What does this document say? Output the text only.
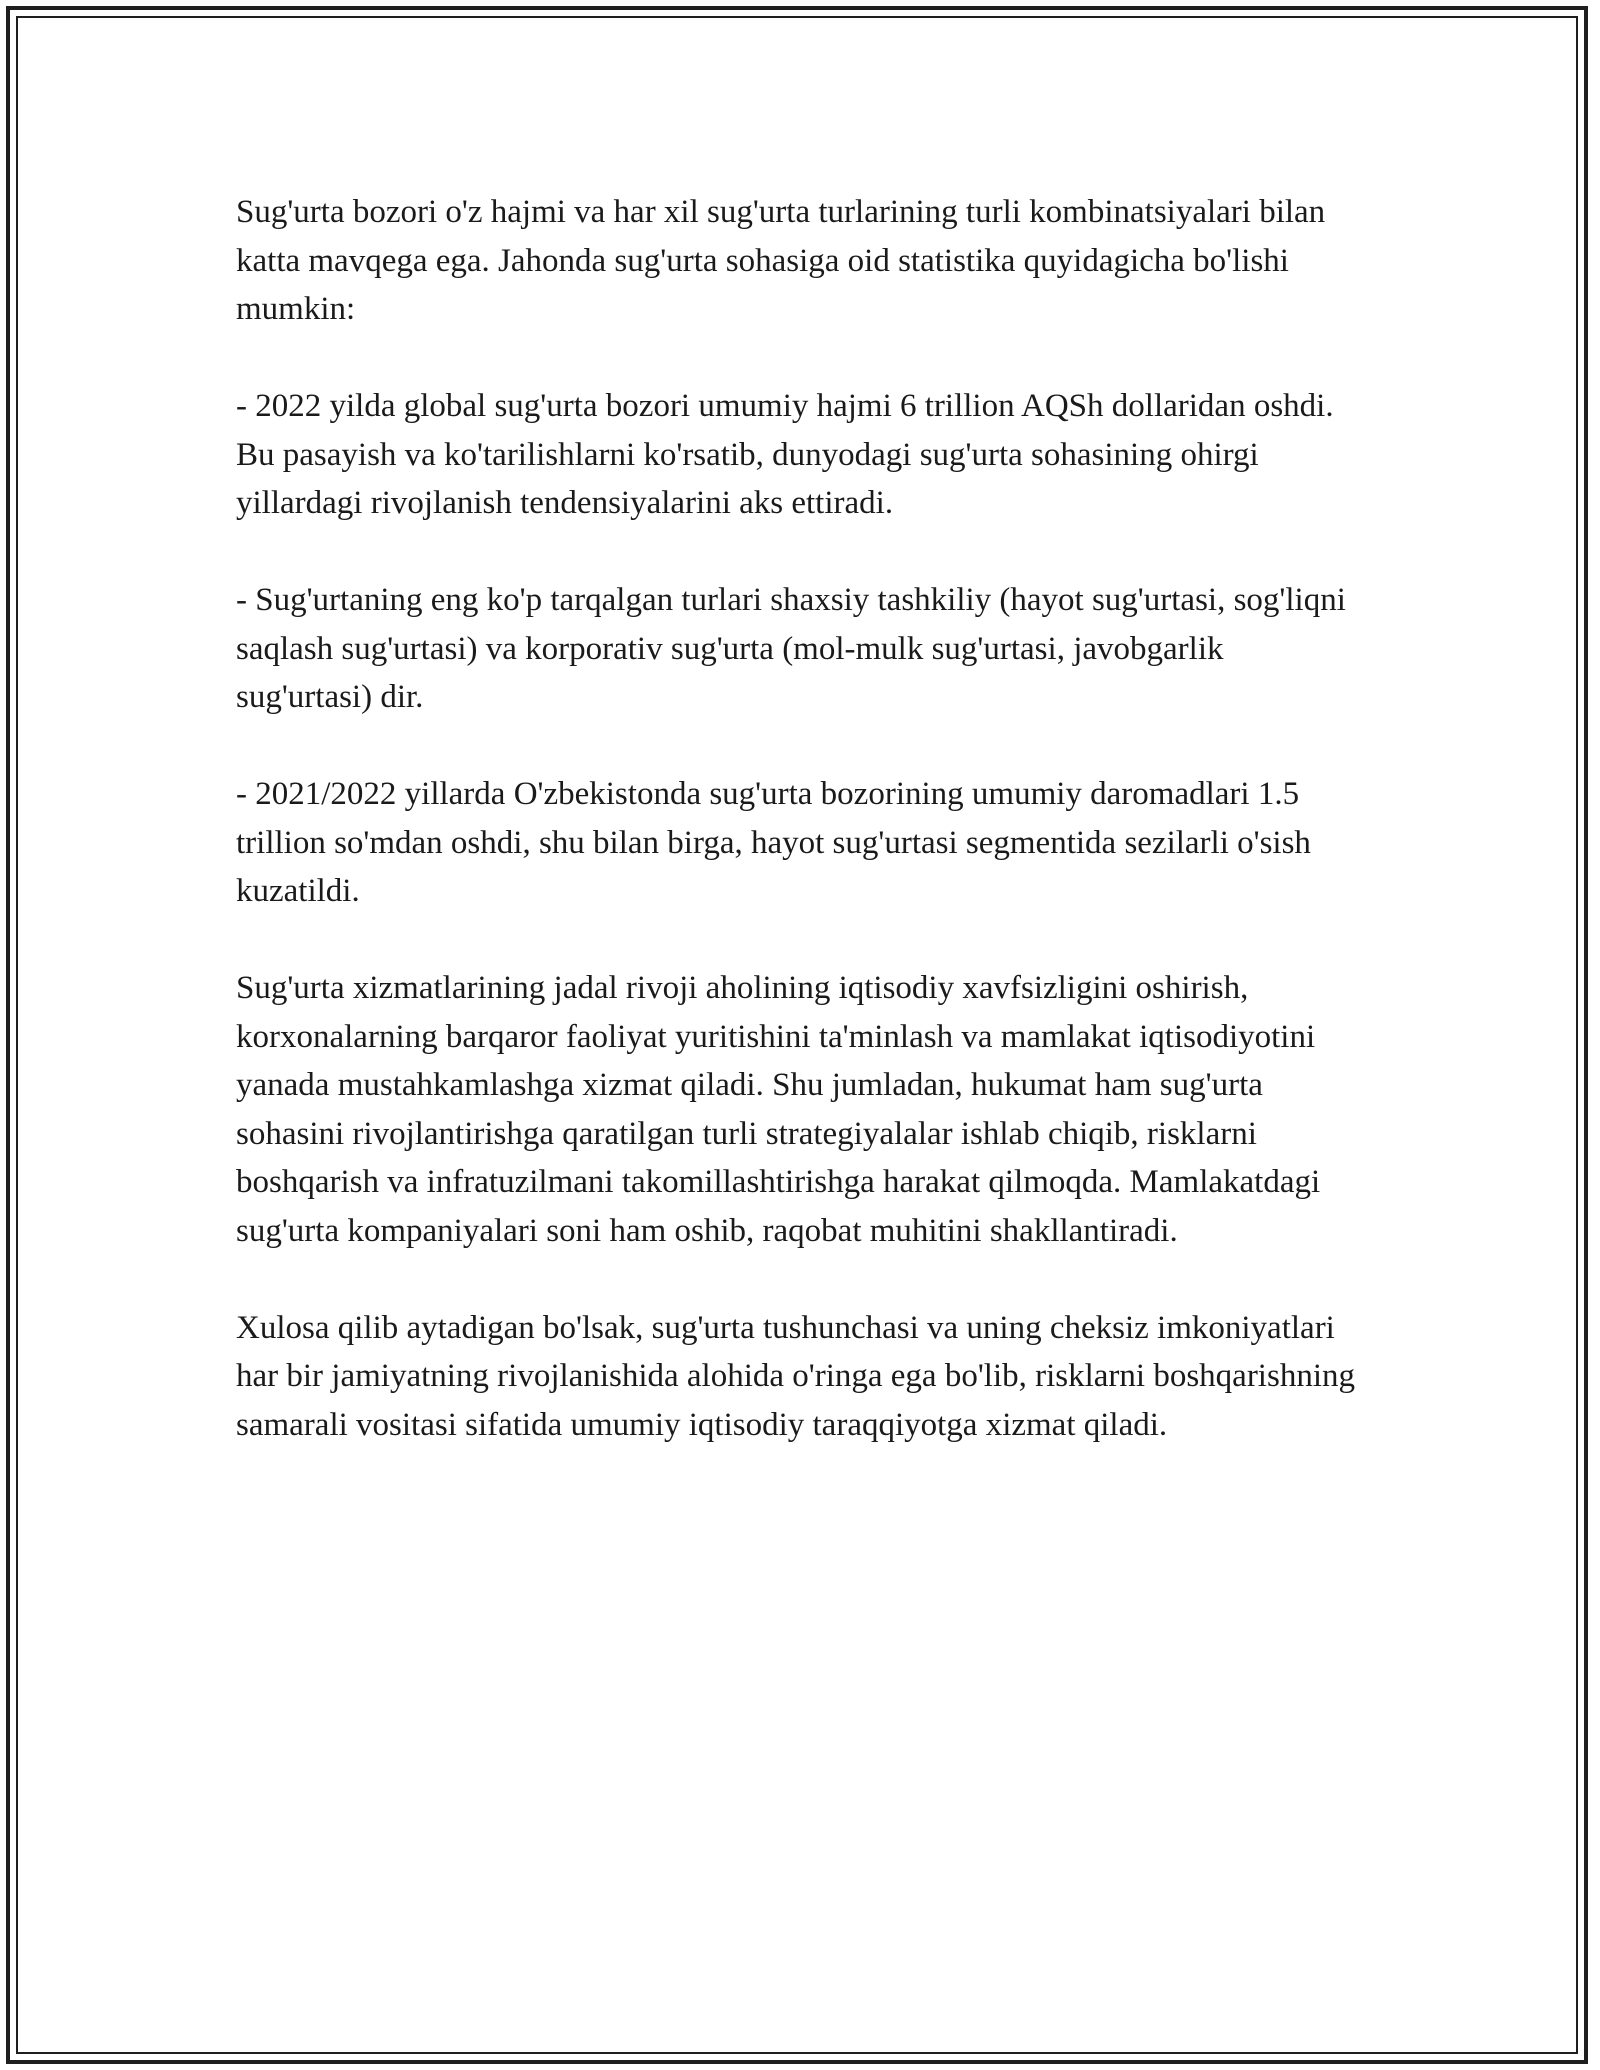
Sug'urta bozori o'z hajmi va har xil sug'urta turlarining turli kombinatsiyalari bilan katta mavqega ega. Jahonda sug'urta sohasiga oid statistika quyidagicha bo'lishi mumkin:

- 2022 yilda global sug'urta bozori umumiy hajmi 6 trillion AQSh dollaridan oshdi. Bu pasayish va ko'tarilishlarni ko'rsatib, dunyodagi sug'urta sohasining ohirgi yillardagi rivojlanish tendensiyalarini aks ettiradi.

- Sug'urtaning eng ko'p tarqalgan turlari shaxsiy tashkiliy (hayot sug'urtasi, sog'liqni saqlash sug'urtasi) va korporativ sug'urta (mol-mulk sug'urtasi, javobgarlik sug'urtasi) dir.

- 2021/2022 yillarda O'zbekistonda sug'urta bozorining umumiy daromadlari 1.5 trillion so'mdan oshdi, shu bilan birga, hayot sug'urtasi segmentida sezilarli o'sish kuzatildi.

Sug'urta xizmatlarining jadal rivoji aholining iqtisodiy xavfsizligini oshirish, korxonalarning barqaror faoliyat yuritishini ta'minlash va mamlakat iqtisodiyotini yanada mustahkamlashga xizmat qiladi. Shu jumladan, hukumat ham sug'urta sohasini rivojlantirishga qaratilgan turli strategiyalalar ishlab chiqib, risklarni boshqarish va infratuzilmani takomillashtirishga harakat qilmoqda. Mamlakatdagi sug'urta kompaniyalari soni ham oshib, raqobat muhitini shakllantiradi.

Xulosa qilib aytadigan bo'lsak, sug'urta tushunchasi va uning cheksiz imkoniyatlari har bir jamiyatning rivojlanishida alohida o'ringa ega bo'lib, risklarni boshqarishning samarali vositasi sifatida umumiy iqtisodiy taraqqiyotga xizmat qiladi.
